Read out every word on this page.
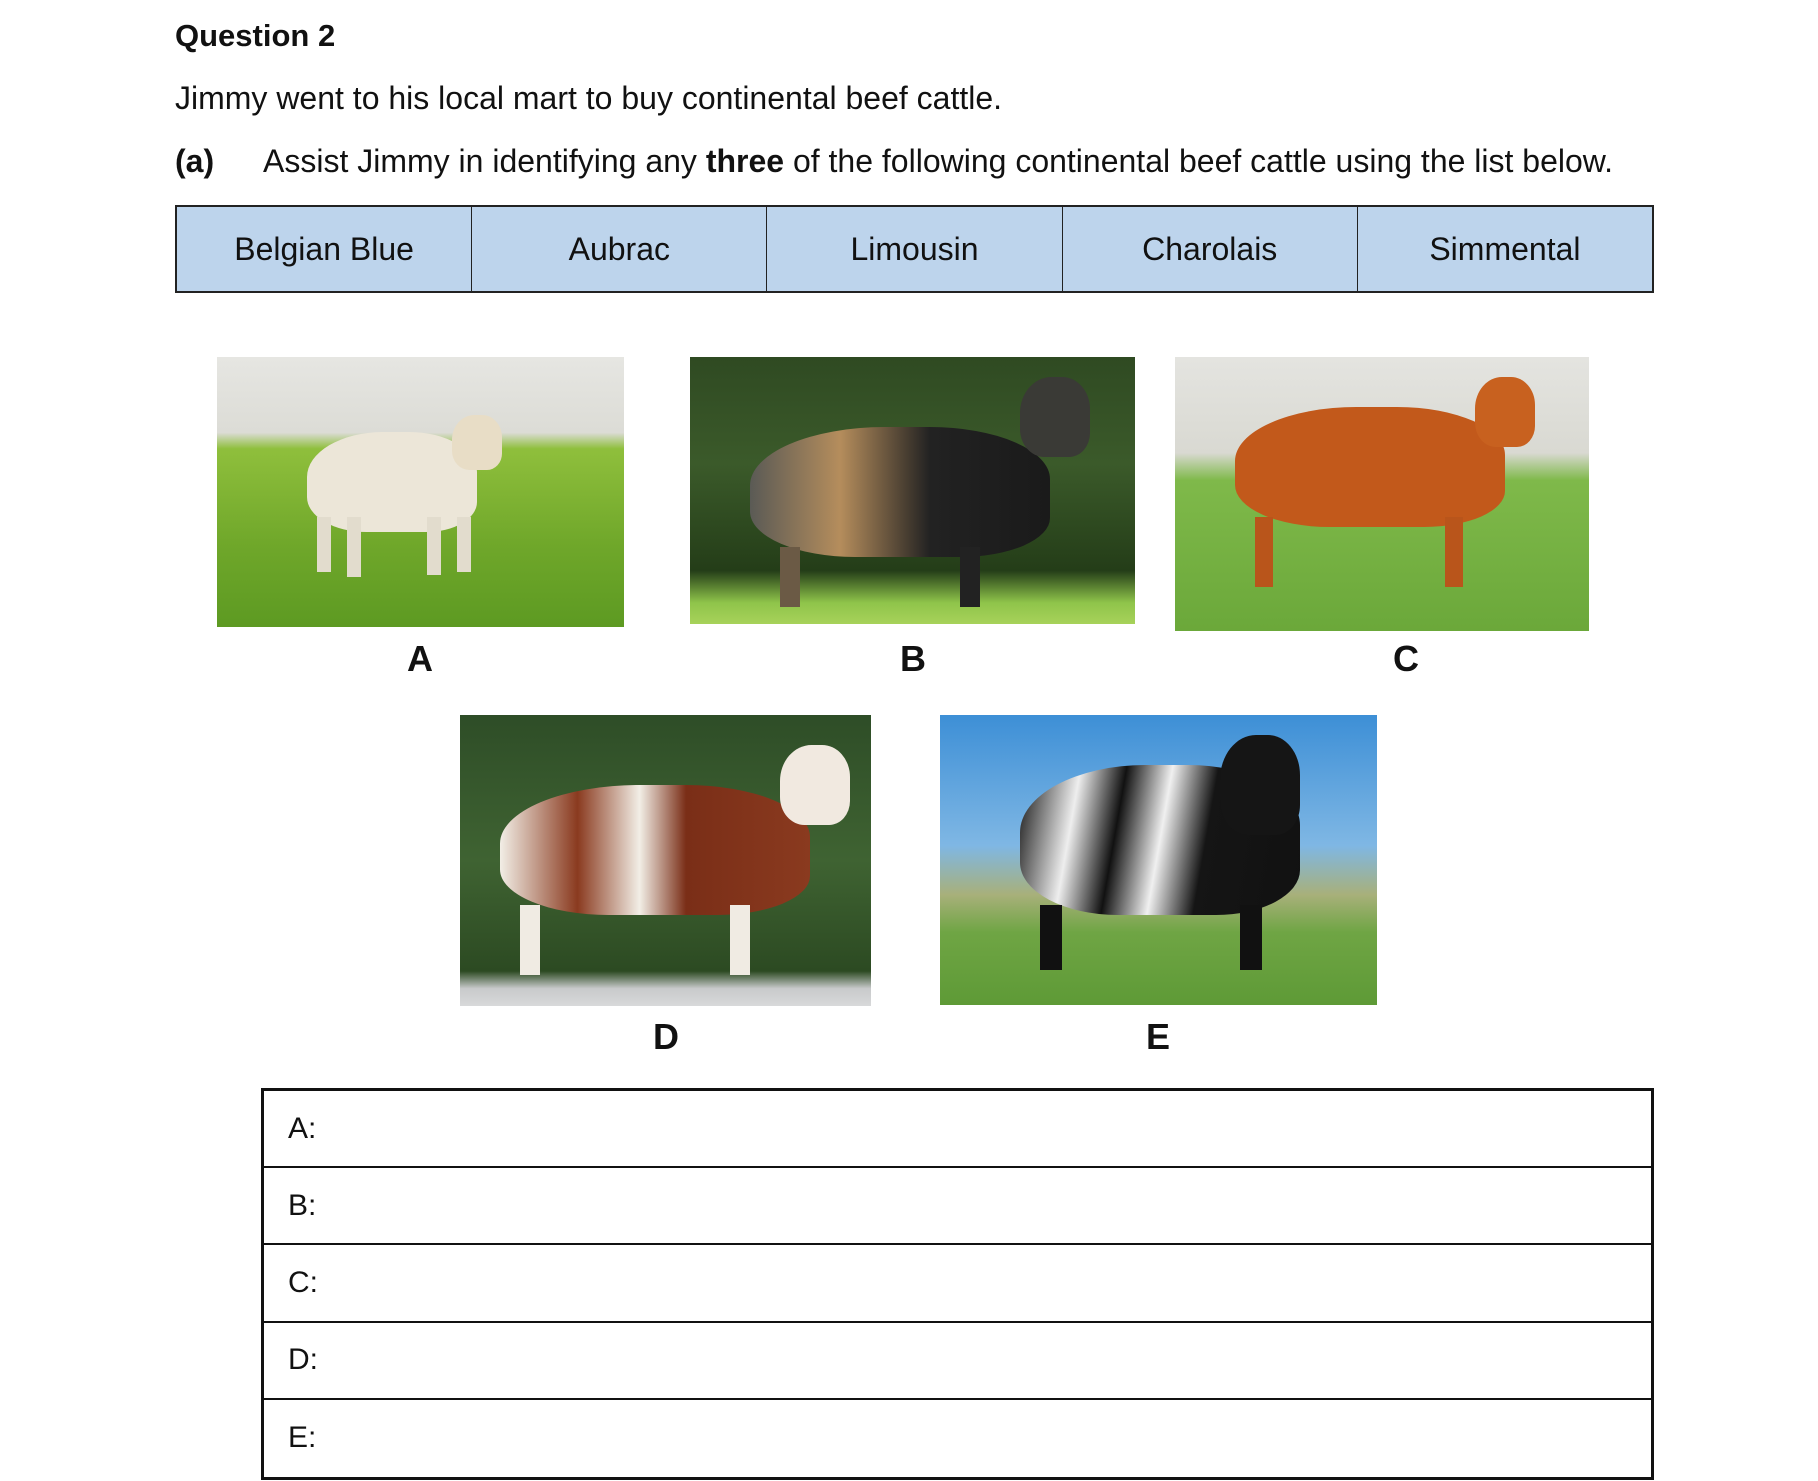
Question 2
Jimmy went to his local mart to buy continental beef cattle.
(a) Assist Jimmy in identifying any three of the following continental beef cattle using the list below.
Belgian Blue	Aubrac	Limousin	Charolais	Simmental
A	B	C
D	E
A:
B:
C:
D:
E:
